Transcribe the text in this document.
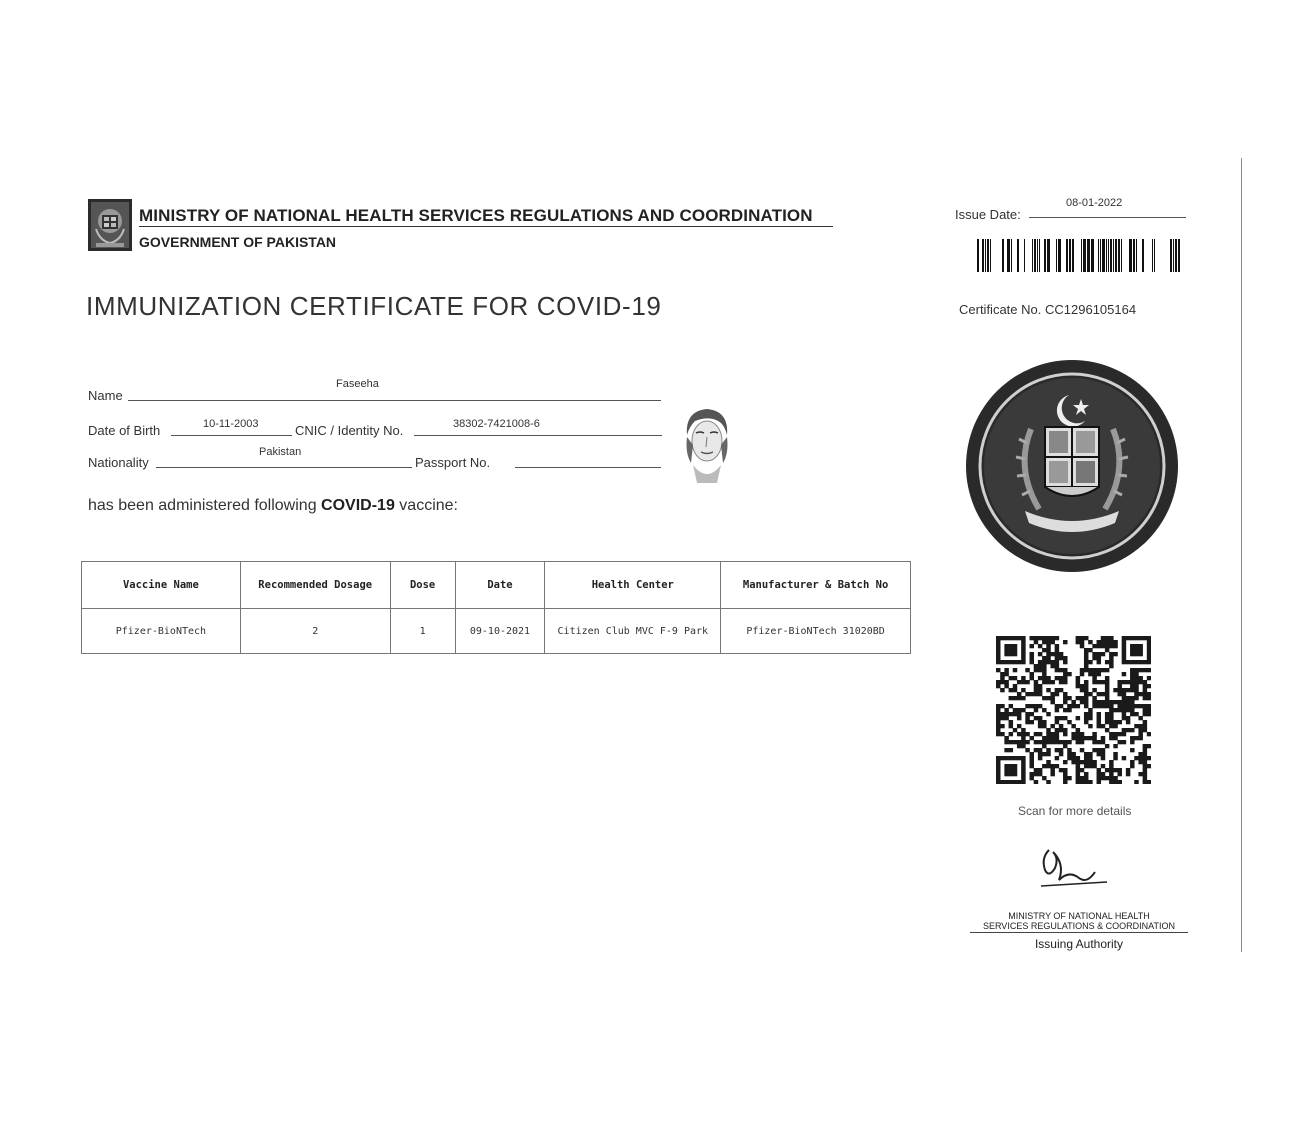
MINISTRY OF NATIONAL HEALTH SERVICES REGULATIONS AND COORDINATION
GOVERNMENT OF PAKISTAN
IMMUNIZATION CERTIFICATE FOR COVID-19
Name
Faseeha
Date of Birth	10-11-2003	CNIC / Identity No.	38302-7421008-6
Nationality
Pakistan
Passport No.
has been administered following COVID-19 vaccine:
Vaccine Name	Recommended Dosage	Dose	Date	Health Center	Manufacturer & Batch No
Pfizer-BioNTech	2	1	09-10-2021	Citizen Club MVC F-9 Park	Pfizer-BioNTech 31020BD
Issue Date:
08-01-2022
Certificate No. CC1296105164
Scan for more details
MINISTRY OF NATIONAL HEALTH
SERVICES REGULATIONS & COORDINATION
Issuing Authority
